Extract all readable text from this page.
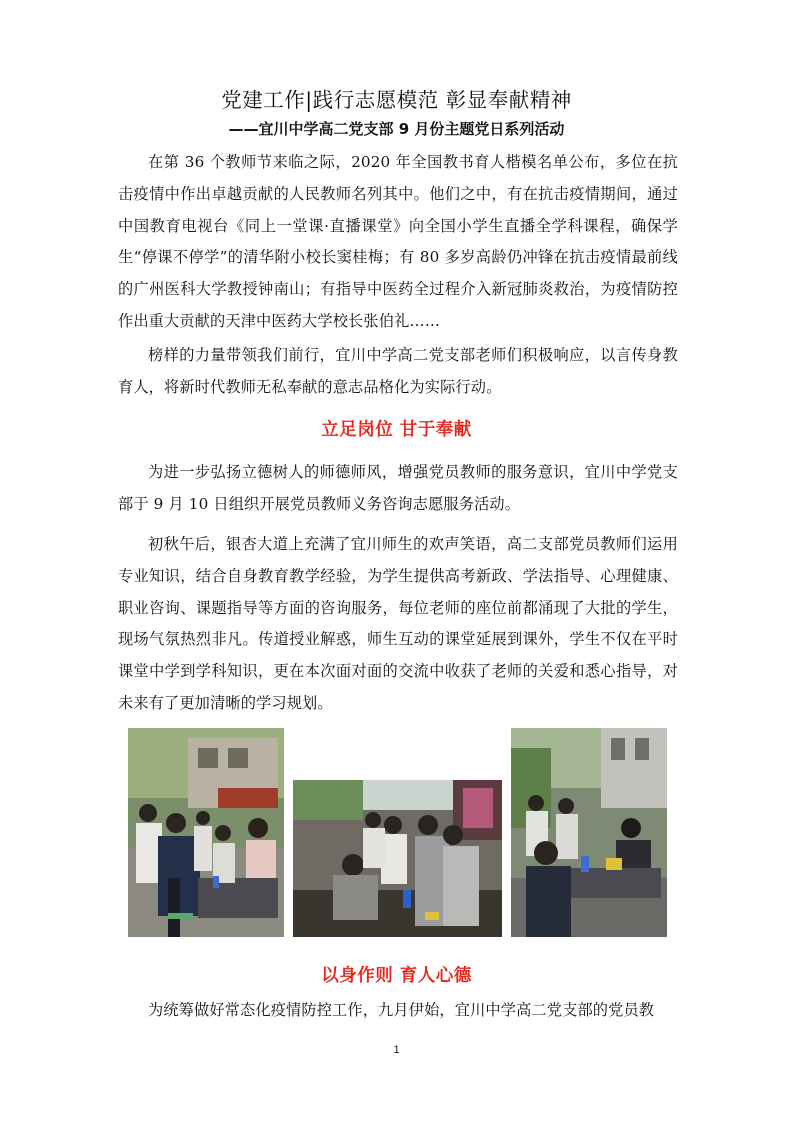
党建工作|践行志愿模范 彰显奉献精神
——宜川中学高二党支部 9 月份主题党日系列活动
在第 36 个教师节来临之际，2020 年全国教书育人楷模名单公布，多位在抗击疫情中作出卓越贡献的人民教师名列其中。他们之中，有在抗击疫情期间，通过中国教育电视台《同上一堂课·直播课堂》向全国小学生直播全学科课程，确保学生“停课不停学”的清华附小校长窦桂梅；有 80 多岁高龄仍冲锋在抗击疫情最前线的广州医科大学教授钟南山；有指导中医药全过程介入新冠肺炎救治，为疫情防控作出重大贡献的天津中医药大学校长张伯礼……
榜样的力量带领我们前行，宜川中学高二党支部老师们积极响应，以言传身教育人，将新时代教师无私奉献的意志品格化为实际行动。
立足岗位 甘于奉献
为进一步弘扬立德树人的师德师风，增强党员教师的服务意识，宜川中学党支部于 9 月 10 日组织开展党员教师义务咨询志愿服务活动。
初秋午后，银杏大道上充满了宜川师生的欢声笑语，高二支部党员教师们运用专业知识，结合自身教育教学经验，为学生提供高考新政、学法指导、心理健康、职业咨询、课题指导等方面的咨询服务，每位老师的座位前都涌现了大批的学生，现场气氛热烈非凡。传道授业解惑，师生互动的课堂延展到课外，学生不仅在平时课堂中学到学科知识，更在本次面对面的交流中收获了老师的关爱和悉心指导，对未来有了更加清晰的学习规划。
以身作则 育人心德
为统筹做好常态化疫情防控工作，九月伊始，宜川中学高二党支部的党员教
1
